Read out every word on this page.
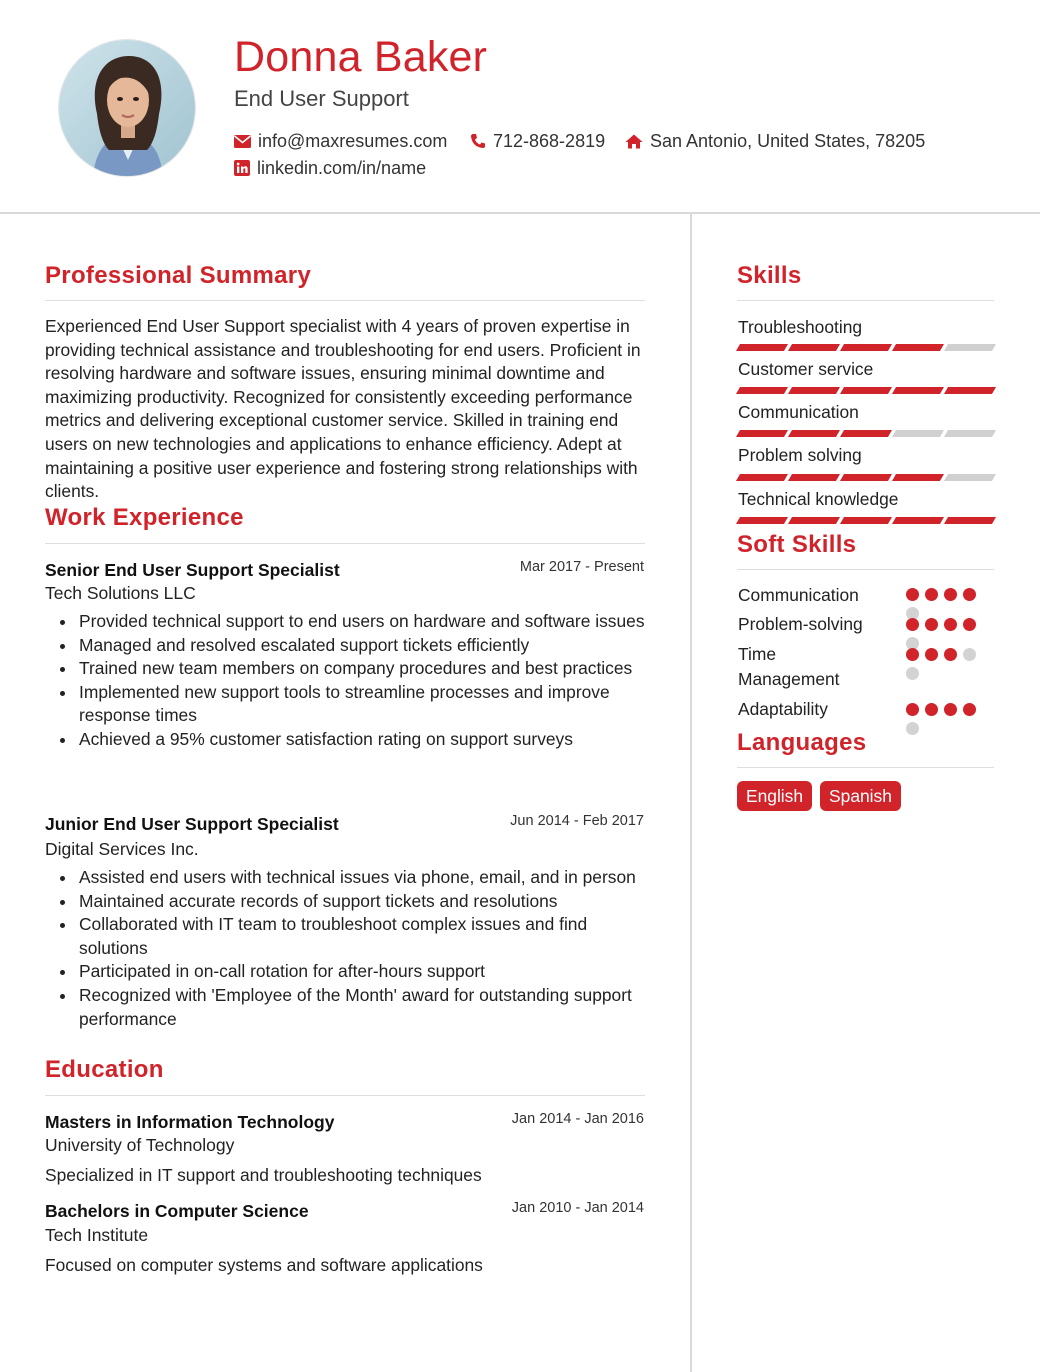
Donna Baker
End User Support
info@maxresumes.com	712-868-2819 San Antonio, United States, 78205
linkedin.com/in/name
Professional Summary
Experienced End User Support specialist with 4 years of proven expertise in providing technical assistance and troubleshooting for end users. Proficient in resolving hardware and software issues, ensuring minimal downtime and maximizing productivity. Recognized for consistently exceeding performance metrics and delivering exceptional customer service. Skilled in training end users on new technologies and applications to enhance efficiency. Adept at maintaining a positive user experience and fostering strong relationships with clients.
Work Experience
Senior End User Support Specialist	Mar 2017 - Present
Tech Solutions LLC
Provided technical support to end users on hardware and software issues
Managed and resolved escalated support tickets efficiently
Trained new team members on company procedures and best practices
Implemented new support tools to streamline processes and improve response times
Achieved a 95% customer satisfaction rating on support surveys
Junior End User Support Specialist	Jun 2014 - Feb 2017
Digital Services Inc.
Assisted end users with technical issues via phone, email, and in person
Maintained accurate records of support tickets and resolutions
Collaborated with IT team to troubleshoot complex issues and find solutions
Participated in on-call rotation for after-hours support
Recognized with 'Employee of the Month' award for outstanding support performance
Education
Masters in Information Technology	Jan 2014 - Jan 2016
University of Technology
Specialized in IT support and troubleshooting techniques
Bachelors in Computer Science	Jan 2010 - Jan 2014
Tech Institute
Focused on computer systems and software applications
Skills
Troubleshooting
Customer service
Communication
Problem solving
Technical knowledge
Soft Skills
Communication
Problem-solving
Time Management
Adaptability
Languages
English	Spanish
